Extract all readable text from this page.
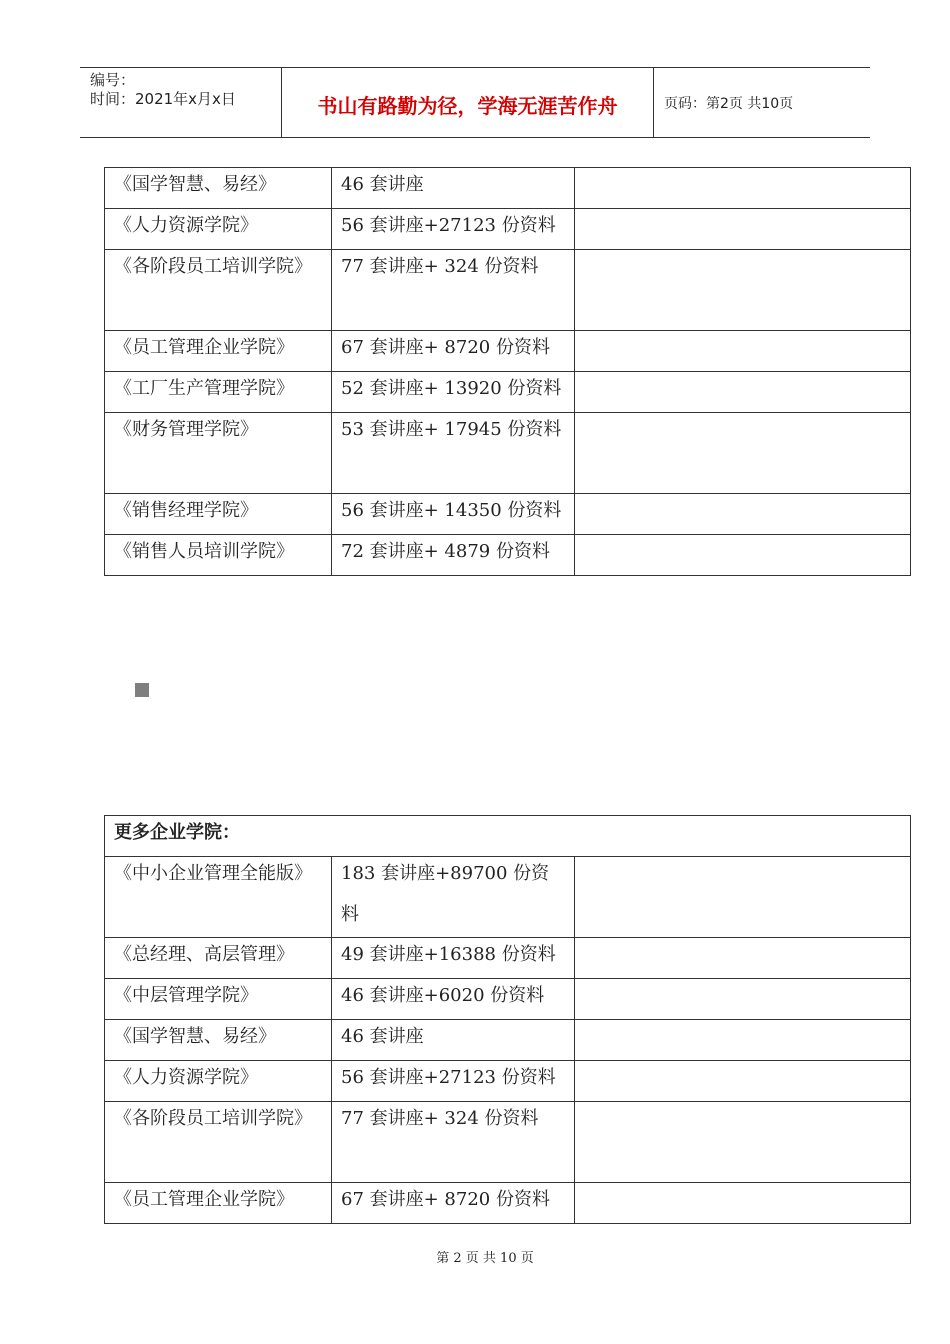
编号：
时间：2021年x月x日	书山有路勤为径，学海无涯苦作舟	页码：第2页 共10页
《国学智慧、易经》	46 套讲座	

《人力资源学院》	56 套讲座+27123 份资料	

《各阶段员工培训学院》	77 套讲座+ 324 份资料	

《员工管理企业学院》	67 套讲座+ 8720 份资料	

《工厂生产管理学院》	52 套讲座+ 13920 份资料	

《财务管理学院》	53 套讲座+ 17945 份资料	

《销售经理学院》	56 套讲座+ 14350 份资料	

《销售人员培训学院》	72 套讲座+ 4879 份资料	

更多企业学院：		

《中小企业管理全能版》	183 套讲座+89700 份资料	

《总经理、高层管理》	49 套讲座+16388 份资料	

《中层管理学院》	46 套讲座+6020 份资料	

《国学智慧、易经》	46 套讲座	

《人力资源学院》	56 套讲座+27123 份资料	

《各阶段员工培训学院》	77 套讲座+ 324 份资料	

《员工管理企业学院》	67 套讲座+ 8720 份资料	

第 2 页 共 10 页
